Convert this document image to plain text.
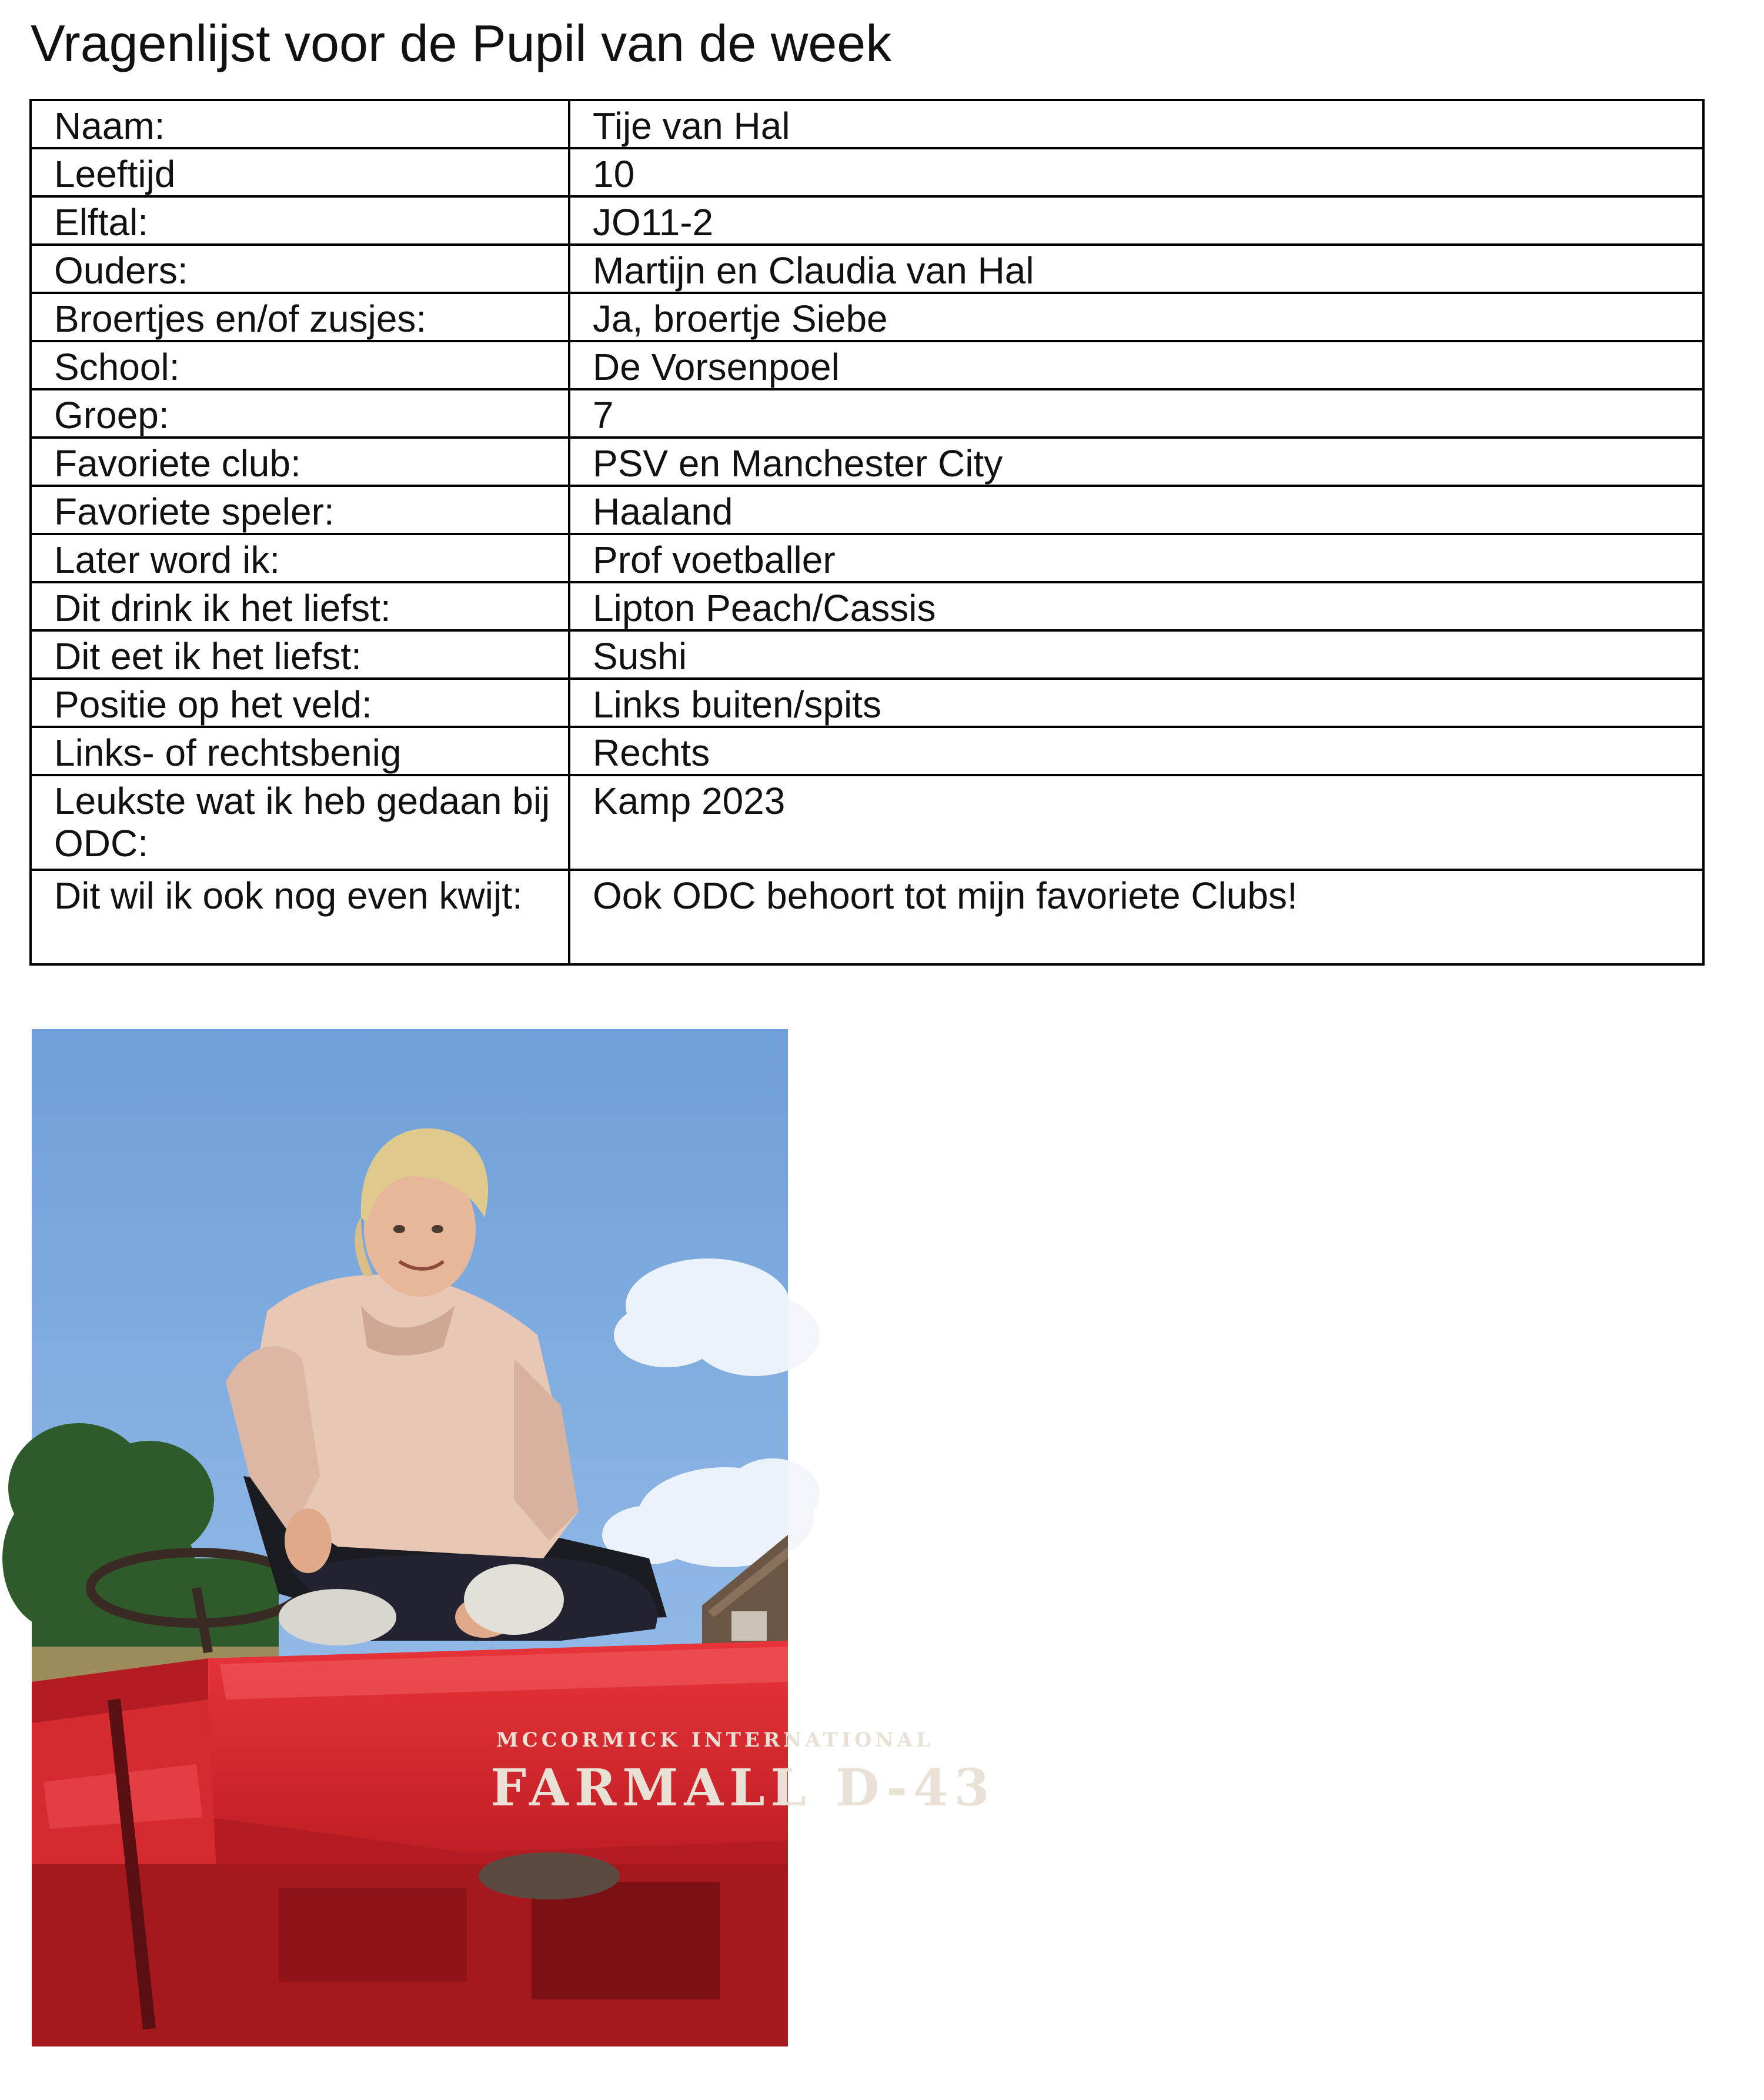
Vragenlijst voor de Pupil van de week
Naam:	Tije van Hal
Leeftijd	10
Elftal:	JO11-2
Ouders:	Martijn en Claudia van Hal
Broertjes en/of zusjes:	Ja, broertje Siebe
School:	De Vorsenpoel
Groep:	7
Favoriete club:	PSV en Manchester City
Favoriete speler:	Haaland
Later word ik:	Prof voetballer
Dit drink ik het liefst:	Lipton Peach/Cassis
Dit eet ik het liefst:	Sushi
Positie op het veld:	Links buiten/spits
Links- of rechtsbenig	Rechts
Leukste wat ik heb gedaan bij ODC:	Kamp 2023
Dit wil ik ook nog even kwijt:	Ook ODC behoort tot mijn favoriete Clubs!
MCCORMICK INTERNATIONAL
FARMALL D-43
